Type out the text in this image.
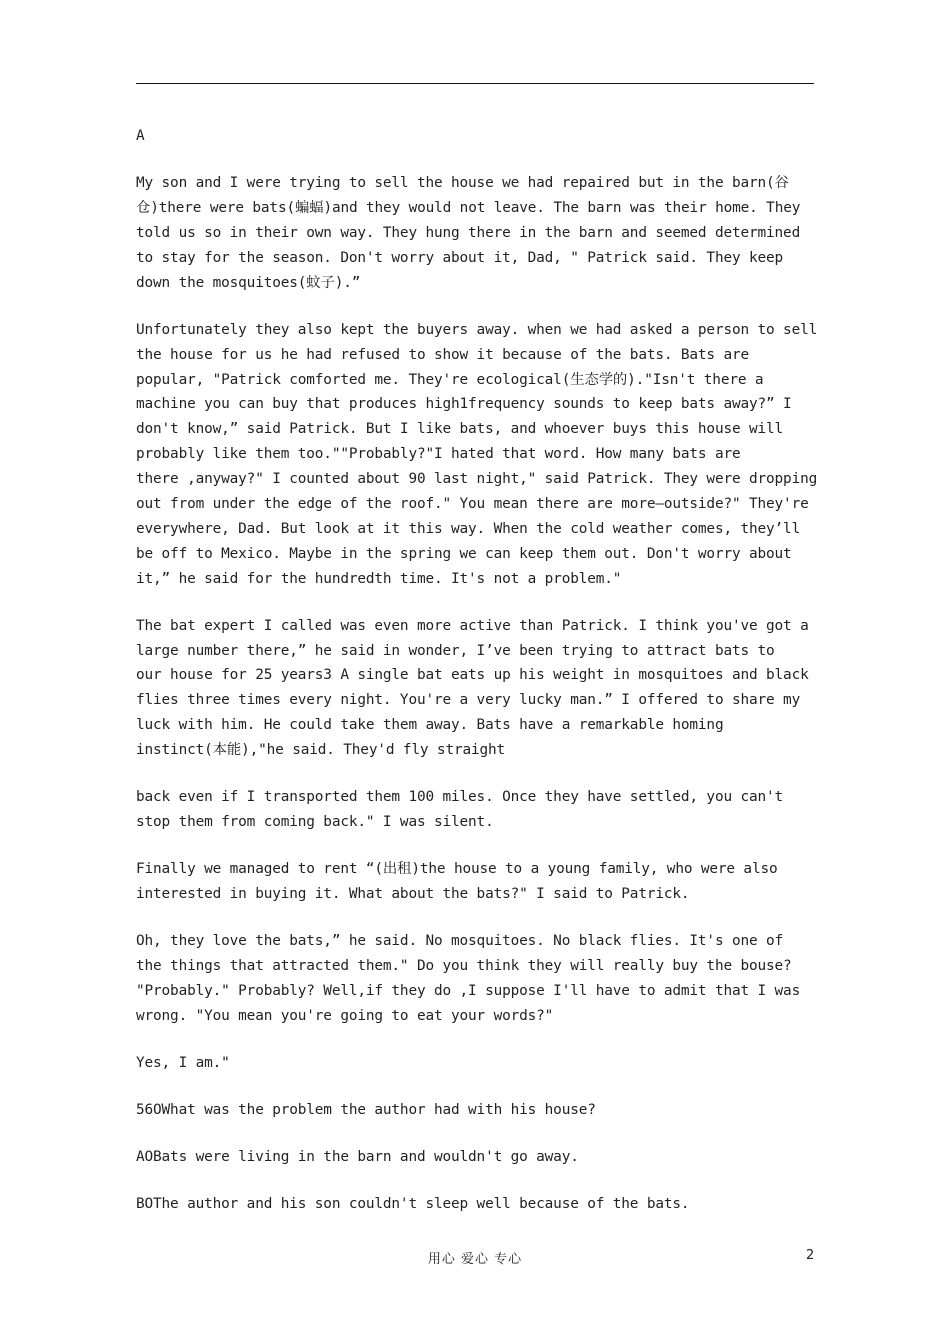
A
My son and I were trying to sell the house we had repaired but in the barn(谷
仓)there were bats(蝙蝠)and they would not leave. The barn was their home. They
told us so in their own way. They hung there in the barn and seemed determined
to stay for the season. Don't worry about it, Dad, " Patrick said. They keep
down the mosquitoes(蚊子).”
Unfortunately they also kept the buyers away. when we had asked a person to sell
the house for us he had refused to show it because of the bats. Bats are
popular, "Patrick comforted me. They're ecological(生态学的)."Isn't there a
machine you can buy that produces high1frequency sounds to keep bats away?” I
don't know,” said Patrick. But I like bats, and whoever buys this house will
probably like them too.""Probably?"I hated that word. How many bats are
there ,anyway?" I counted about 90 last night," said Patrick. They were dropping
out from under the edge of the roof." You mean there are more—outside?" They're
everywhere, Dad. But look at it this way. When the cold weather comes, they’ll
be off to Mexico. Maybe in the spring we can keep them out. Don't worry about
it,” he said for the hundredth time. It's not a problem."
The bat expert I called was even more active than Patrick. I think you've got a
large number there,” he said in wonder, I’ve been trying to attract bats to
our house for 25 years3 A single bat eats up his weight in mosquitoes and black
flies three times every night. You're a very lucky man.” I offered to share my
luck with him. He could take them away. Bats have a remarkable homing
instinct(本能),"he said. They'd fly straight
back even if I transported them 100 miles. Once they have settled, you can't
stop them from coming back." I was silent.
Finally we managed to rent “(出租)the house to a young family, who were also
interested in buying it. What about the bats?" I said to Patrick.
Oh, they love the bats,” he said. No mosquitoes. No black flies. It's one of
the things that attracted them." Do you think they will really buy the bouse?
"Probably." Probably? Well,if they do ,I suppose I'll have to admit that I was
wrong. "You mean you're going to eat your words?"
Yes, I am."
56OWhat was the problem the author had with his house?
AOBats were living in the barn and wouldn't go away.
BOThe author and his son couldn't sleep well because of the bats.
用心 爱心 专心	2
